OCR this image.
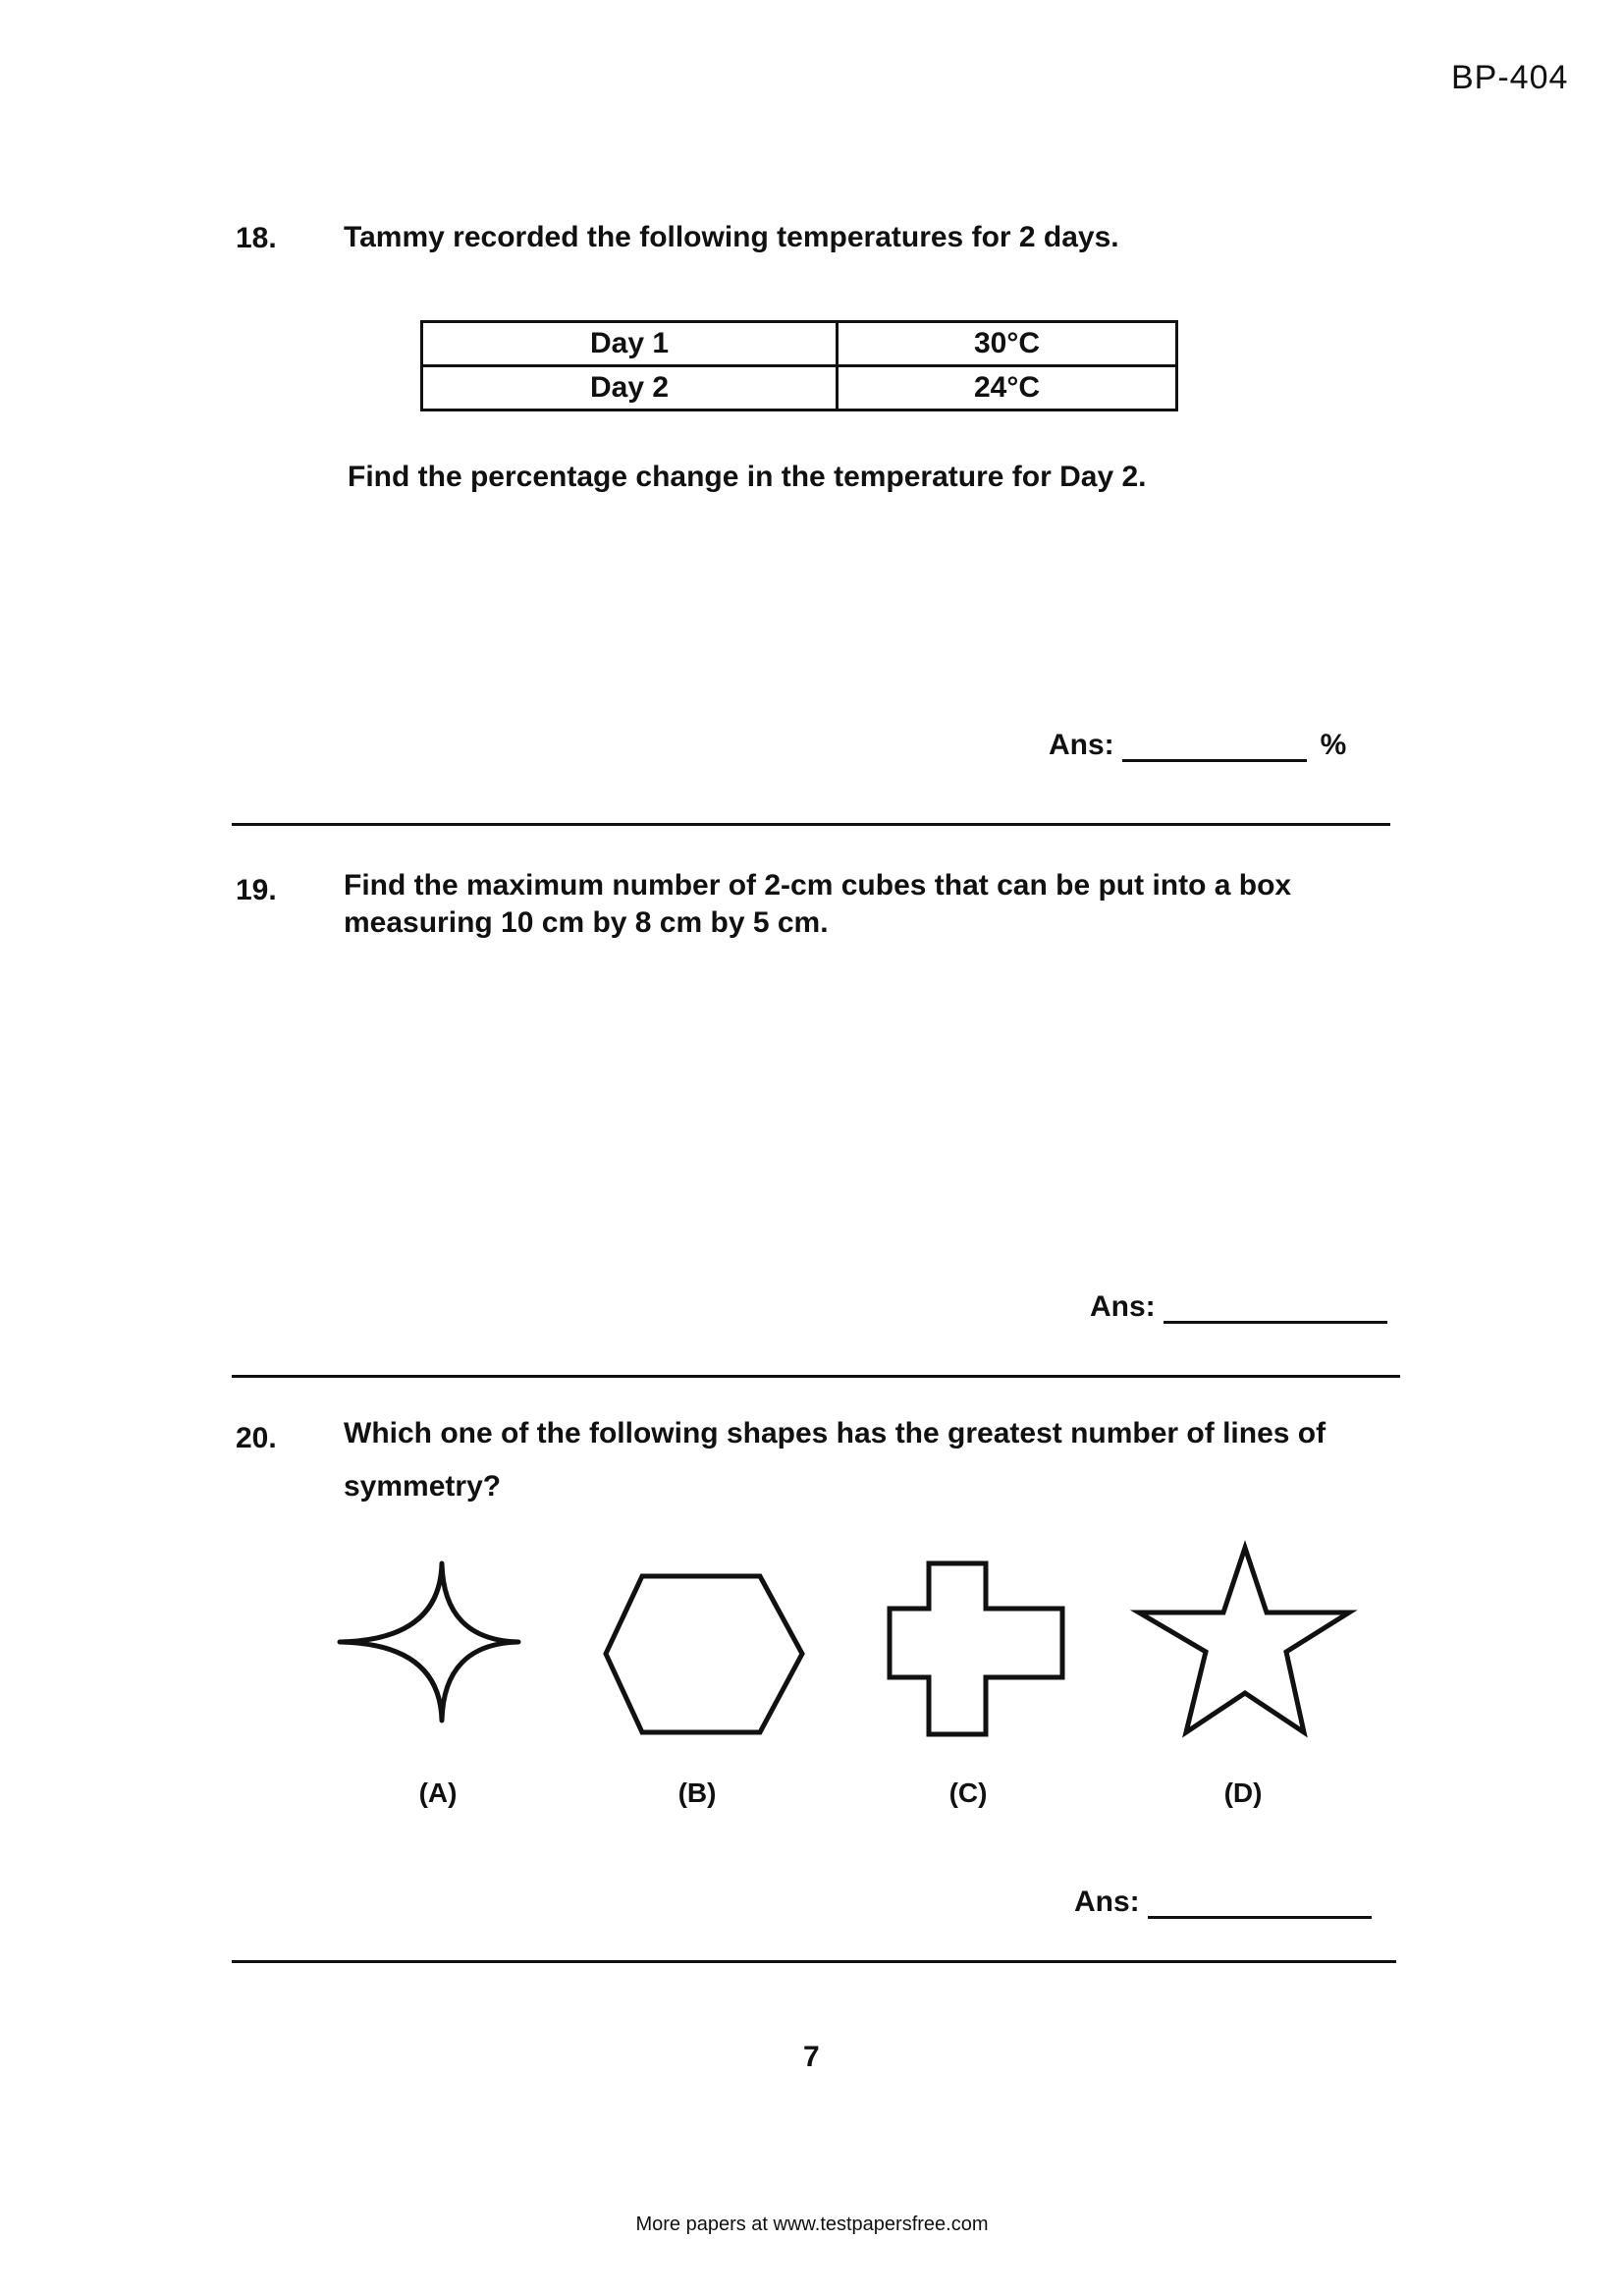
BP-404
18. Tammy recorded the following temperatures for 2 days.
Day 1	30°C
Day 2	24°C
Find the percentage change in the temperature for Day 2.
Ans:	%
19. Find the maximum number of 2-cm cubes that can be put into a box
measuring 10 cm by 8 cm by 5 cm.
Ans:
20. Which one of the following shapes has the greatest number of lines of
symmetry?
(A)	(B)	(C)	(D)
Ans:
7
More papers at www.testpapersfree.com
